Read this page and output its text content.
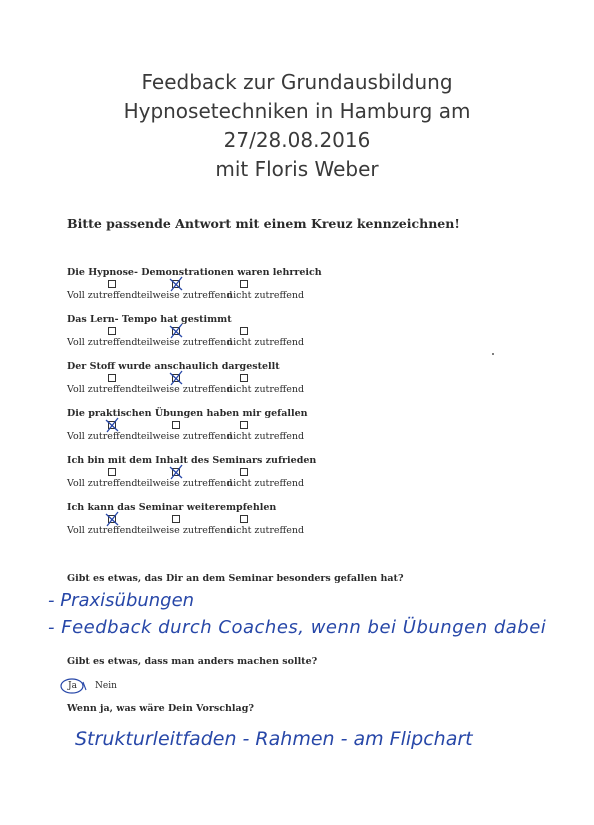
Feedback zur Grundausbildung
Hypnosetechniken in Hamburg am
27/28.08.2016
mit Floris Weber
Bitte passende Antwort mit einem Kreuz kennzeichnen!
Die Hypnose- Demonstrationen waren lehrreich
Voll zutreffend teilweise zutreffend
nicht zutreffend
Das Lern- Tempo hat gestimmt
Voll zutreffend teilweise zutreffend
nicht zutreffend
Der Stoff wurde anschaulich dargestellt
Voll zutreffend teilweise zutreffend
nicht zutreffend
Die praktischen Übungen haben mir gefallen
Voll zutreffend teilweise zutreffend
nicht zutreffend
Ich bin mit dem Inhalt des Seminars zufrieden
Voll zutreffend teilweise zutreffend
nicht zutreffend
Ich kann das Seminar weiterempfehlen
Voll zutreffend teilweise zutreffend
nicht zutreffend
Gibt es etwas, das Dir an dem Seminar besonders gefallen hat?
- Praxisübungen
- Feedback durch Coaches, wenn bei Übungen dabei
Gibt es etwas, dass man anders machen sollte?
Ja Nein
Wenn ja, was wäre Dein Vorschlag?
Strukturleitfaden - Rahmen - am Flipchart
